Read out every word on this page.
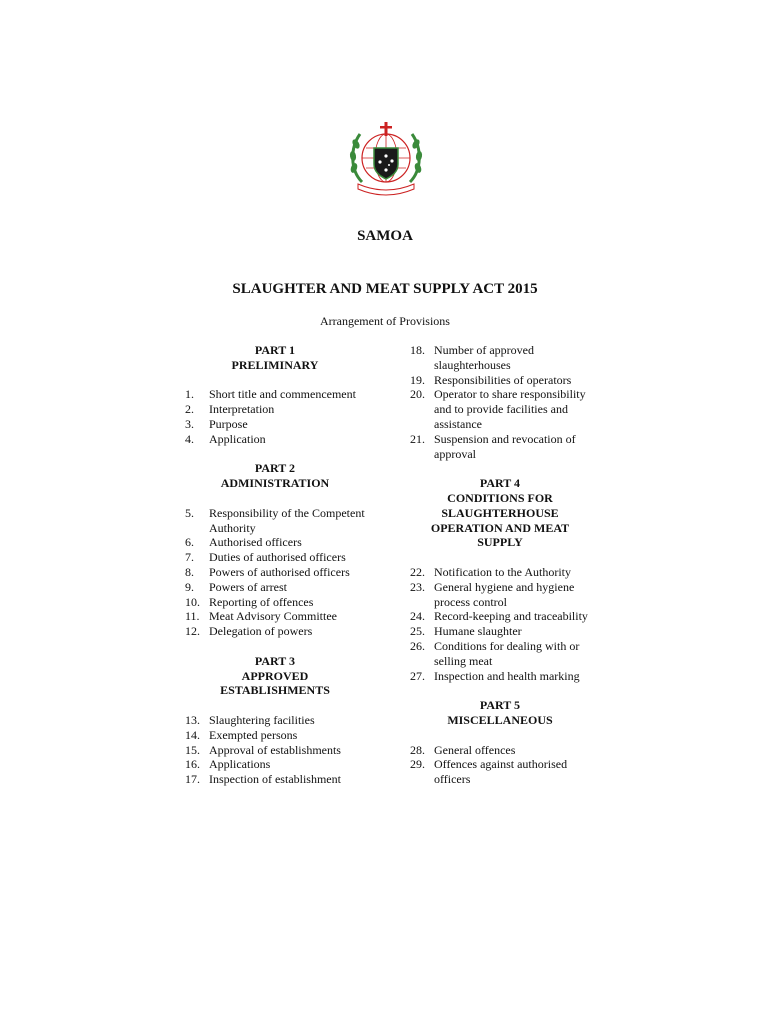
SAMOA
SLAUGHTER AND MEAT SUPPLY ACT 2015
Arrangement of Provisions
PART 1
PRELIMINARY
1.	Short title and commencement
2.	Interpretation
3.	Purpose
4.	Application
PART 2
ADMINISTRATION
5.	Responsibility of the Competent Authority
6.	Authorised officers
7.	Duties of authorised officers
8.	Powers of authorised officers
9.	Powers of arrest
10. Reporting of offences
11. Meat Advisory Committee
12. Delegation of powers
PART 3
APPROVED
ESTABLISHMENTS
13. Slaughtering facilities
14. Exempted persons
15. Approval of establishments
16. Applications
17. Inspection of establishment
18. Number of approved slaughterhouses
19. Responsibilities of operators
20. Operator to share responsibility and to provide facilities and assistance
21. Suspension and revocation of approval
PART 4
CONDITIONS FOR
SLAUGHTERHOUSE
OPERATION AND MEAT
SUPPLY
22. Notification to the Authority
23. General hygiene and hygiene process control
24. Record-keeping and traceability
25. Humane slaughter
26. Conditions for dealing with or selling meat
27. Inspection and health marking
PART 5
MISCELLANEOUS
28. General offences
29. Offences against authorised officers
